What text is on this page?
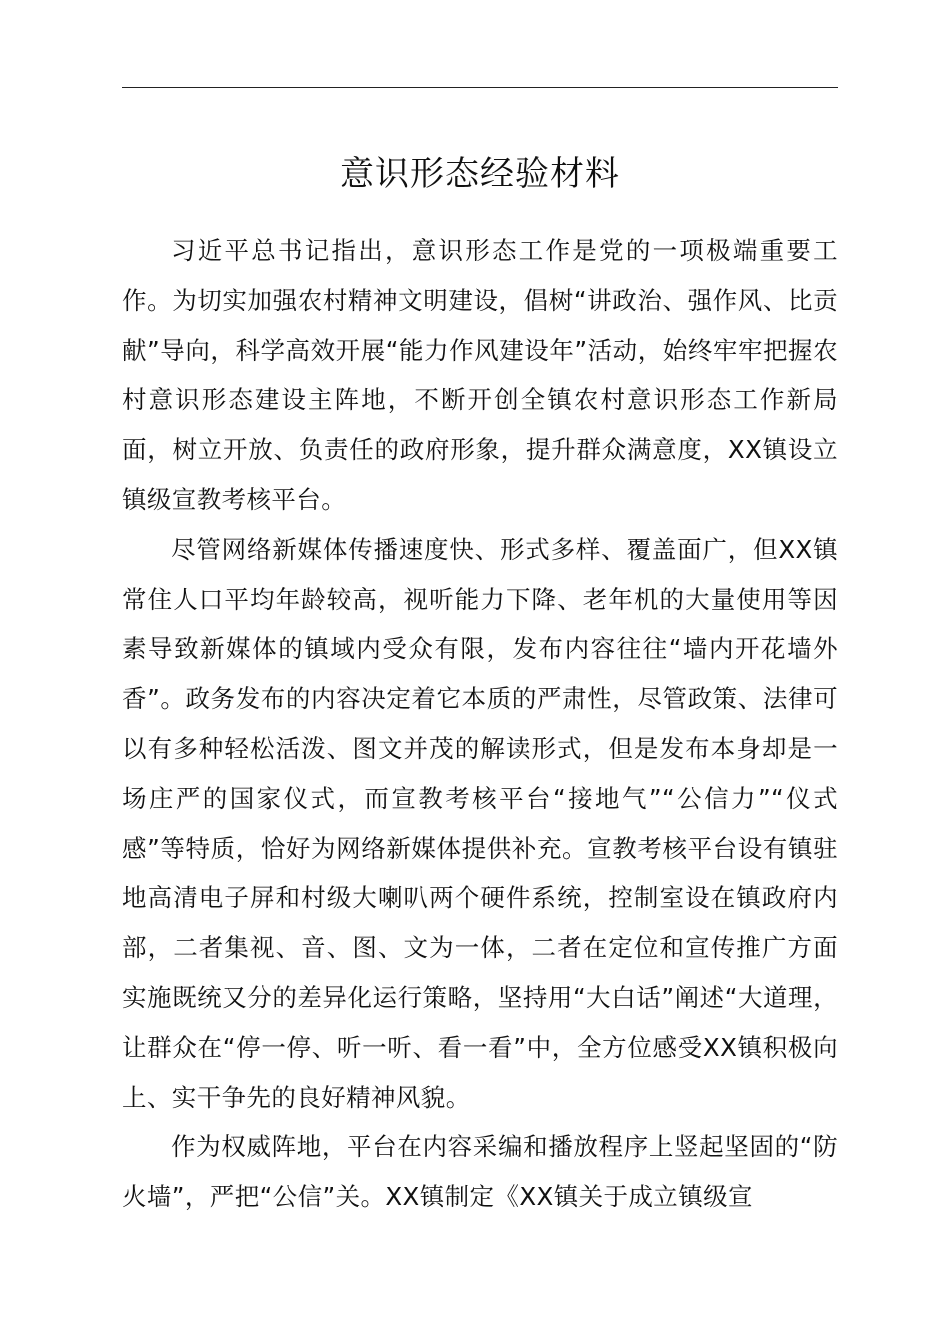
意识形态经验材料

习近平总书记指出，意识形态工作是党的一项极端重要工作。为切实加强农村精神文明建设，倡树“讲政治、强作风、比贡献”导向，科学高效开展“能力作风建设年”活动，始终牢牢把握农村意识形态建设主阵地，不断开创全镇农村意识形态工作新局面，树立开放、负责任的政府形象，提升群众满意度，XX镇设立镇级宣教考核平台。

尽管网络新媒体传播速度快、形式多样、覆盖面广，但XX镇常住人口平均年龄较高，视听能力下降、老年机的大量使用等因素导致新媒体的镇域内受众有限，发布内容往往“墙内开花墙外香”。政务发布的内容决定着它本质的严肃性，尽管政策、法律可以有多种轻松活泼、图文并茂的解读形式，但是发布本身却是一场庄严的国家仪式，而宣教考核平台“接地气”“公信力”“仪式感”等特质，恰好为网络新媒体提供补充。宣教考核平台设有镇驻地高清电子屏和村级大喇叭两个硬件系统，控制室设在镇政府内部，二者集视、音、图、文为一体，二者在定位和宣传推广方面实施既统又分的差异化运行策略，坚持用“大白话”阐述“大道理，让群众在“停一停、听一听、看一看”中，全方位感受XX镇积极向上、实干争先的良好精神风貌。

作为权威阵地，平台在内容采编和播放程序上竖起坚固的“防火墙”，严把“公信”关。XX镇制定《XX镇关于成立镇级宣
